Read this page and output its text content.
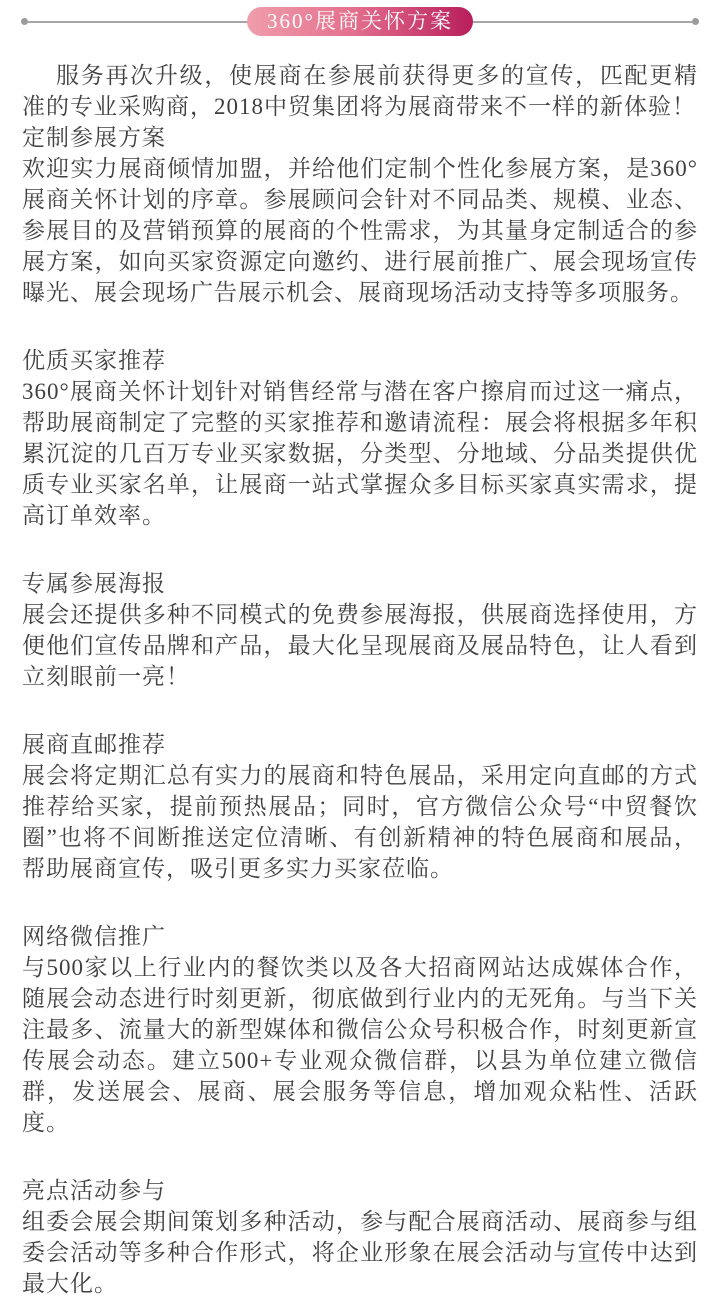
360°展商关怀方案

服务再次升级，使展商在参展前获得更多的宣传，匹配更精准的专业采购商，2018中贸集团将为展商带来不一样的新体验！

定制参展方案

欢迎实力展商倾情加盟，并给他们定制个性化参展方案，是360°展商关怀计划的序章。参展顾问会针对不同品类、规模、业态、参展目的及营销预算的展商的个性需求，为其量身定制适合的参展方案，如向买家资源定向邀约、进行展前推广、展会现场宣传曝光、展会现场广告展示机会、展商现场活动支持等多项服务。

优质买家推荐

360°展商关怀计划针对销售经常与潜在客户擦肩而过这一痛点，帮助展商制定了完整的买家推荐和邀请流程：展会将根据多年积累沉淀的几百万专业买家数据，分类型、分地域、分品类提供优质专业买家名单，让展商一站式掌握众多目标买家真实需求，提高订单效率。

专属参展海报

展会还提供多种不同模式的免费参展海报，供展商选择使用，方便他们宣传品牌和产品，最大化呈现展商及展品特色，让人看到立刻眼前一亮！

展商直邮推荐

展会将定期汇总有实力的展商和特色展品，采用定向直邮的方式推荐给买家，提前预热展品；同时，官方微信公众号“中贸餐饮圈”也将不间断推送定位清晰、有创新精神的特色展商和展品，帮助展商宣传，吸引更多实力买家莅临。

网络微信推广

与500家以上行业内的餐饮类以及各大招商网站达成媒体合作，随展会动态进行时刻更新，彻底做到行业内的无死角。与当下关注最多、流量大的新型媒体和微信公众号积极合作，时刻更新宣传展会动态。建立500+专业观众微信群，以县为单位建立微信群，发送展会、展商、展会服务等信息，增加观众粘性、活跃度。

亮点活动参与

组委会展会期间策划多种活动，参与配合展商活动、展商参与组委会活动等多种合作形式，将企业形象在展会活动与宣传中达到最大化。
